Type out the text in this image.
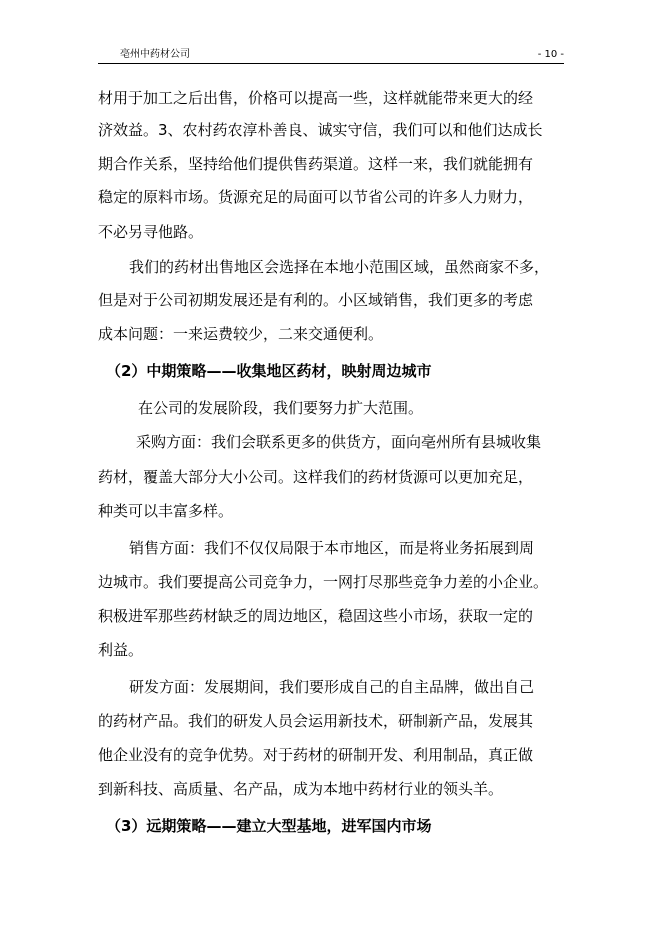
亳州中药材公司	- 10 -
材用于加工之后出售，价格可以提高一些，这样就能带来更大的经
济效益。3、农村药农淳朴善良、诚实守信，我们可以和他们达成长
期合作关系，坚持给他们提供售药渠道。这样一来，我们就能拥有
稳定的原料市场。货源充足的局面可以节省公司的许多人力财力，
不必另寻他路。
我们的药材出售地区会选择在本地小范围区域，虽然商家不多，
但是对于公司初期发展还是有利的。小区域销售，我们更多的考虑
成本问题：一来运费较少，二来交通便利。
（2）中期策略——收集地区药材，映射周边城市
在公司的发展阶段，我们要努力扩大范围。
采购方面：我们会联系更多的供货方，面向亳州所有县城收集
药材，覆盖大部分大小公司。这样我们的药材货源可以更加充足，
种类可以丰富多样。
销售方面：我们不仅仅局限于本市地区，而是将业务拓展到周
边城市。我们要提高公司竞争力，一网打尽那些竞争力差的小企业。
积极进军那些药材缺乏的周边地区，稳固这些小市场，获取一定的
利益。
研发方面：发展期间，我们要形成自己的自主品牌，做出自己
的药材产品。我们的研发人员会运用新技术，研制新产品，发展其
他企业没有的竞争优势。对于药材的研制开发、利用制品，真正做
到新科技、高质量、名产品，成为本地中药材行业的领头羊。
（3）远期策略——建立大型基地，进军国内市场
